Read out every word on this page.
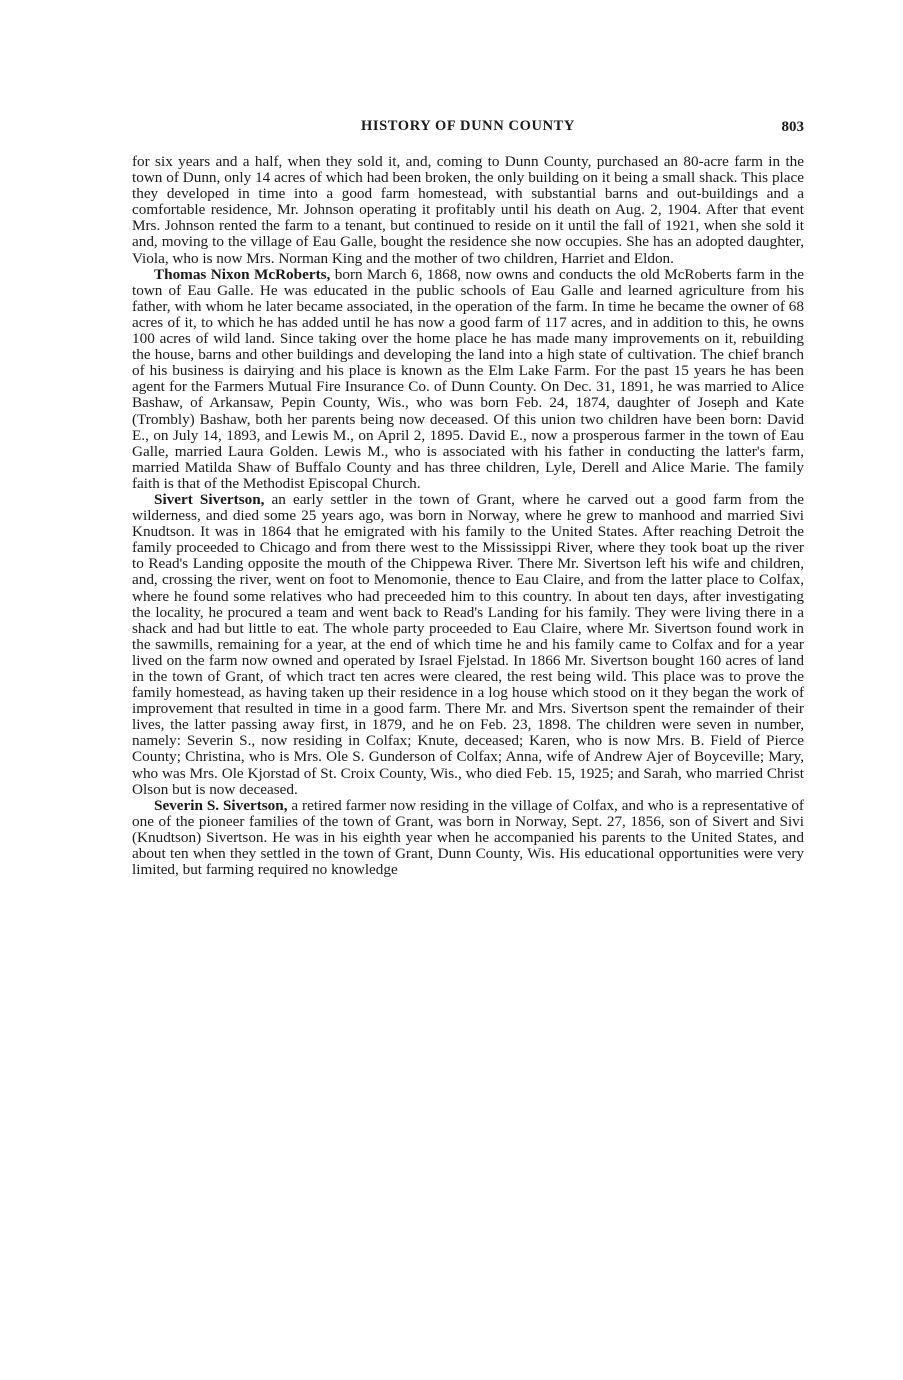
HISTORY OF DUNN COUNTY	803

for six years and a half, when they sold it, and, coming to Dunn County, purchased an 80-acre farm in the town of Dunn, only 14 acres of which had been broken, the only building on it being a small shack. This place they developed in time into a good farm homestead, with substantial barns and out-buildings and a comfortable residence, Mr. Johnson operating it profitably until his death on Aug. 2, 1904. After that event Mrs. Johnson rented the farm to a tenant, but continued to reside on it until the fall of 1921, when she sold it and, moving to the village of Eau Galle, bought the residence she now occupies. She has an adopted daughter, Viola, who is now Mrs. Norman King and the mother of two children, Harriet and Eldon.

Thomas Nixon McRoberts, born March 6, 1868, now owns and conducts the old McRoberts farm in the town of Eau Galle. He was educated in the public schools of Eau Galle and learned agriculture from his father, with whom he later became associated, in the operation of the farm. In time he became the owner of 68 acres of it, to which he has added until he has now a good farm of 117 acres, and in addition to this, he owns 100 acres of wild land. Since taking over the home place he has made many improvements on it, rebuilding the house, barns and other buildings and developing the land into a high state of cultivation. The chief branch of his business is dairying and his place is known as the Elm Lake Farm. For the past 15 years he has been agent for the Farmers Mutual Fire Insurance Co. of Dunn County. On Dec. 31, 1891, he was married to Alice Bashaw, of Arkansaw, Pepin County, Wis., who was born Feb. 24, 1874, daughter of Joseph and Kate (Trombly) Bashaw, both her parents being now deceased. Of this union two children have been born: David E., on July 14, 1893, and Lewis M., on April 2, 1895. David E., now a prosperous farmer in the town of Eau Galle, married Laura Golden. Lewis M., who is associated with his father in conducting the latter's farm, married Matilda Shaw of Buffalo County and has three children, Lyle, Derell and Alice Marie. The family faith is that of the Methodist Episcopal Church.

Sivert Sivertson, an early settler in the town of Grant, where he carved out a good farm from the wilderness, and died some 25 years ago, was born in Norway, where he grew to manhood and married Sivi Knudtson. It was in 1864 that he emigrated with his family to the United States. After reaching Detroit the family proceeded to Chicago and from there west to the Mississippi River, where they took boat up the river to Read's Landing opposite the mouth of the Chippewa River. There Mr. Sivertson left his wife and children, and, crossing the river, went on foot to Menomonie, thence to Eau Claire, and from the latter place to Colfax, where he found some relatives who had preceeded him to this country. In about ten days, after investigating the locality, he procured a team and went back to Read's Landing for his family. They were living there in a shack and had but little to eat. The whole party proceeded to Eau Claire, where Mr. Sivertson found work in the sawmills, remaining for a year, at the end of which time he and his family came to Colfax and for a year lived on the farm now owned and operated by Israel Fjelstad. In 1866 Mr. Sivertson bought 160 acres of land in the town of Grant, of which tract ten acres were cleared, the rest being wild. This place was to prove the family homestead, as having taken up their residence in a log house which stood on it they began the work of improvement that resulted in time in a good farm. There Mr. and Mrs. Sivertson spent the remainder of their lives, the latter passing away first, in 1879, and he on Feb. 23, 1898. The children were seven in number, namely: Severin S., now residing in Colfax; Knute, deceased; Karen, who is now Mrs. B. Field of Pierce County; Christina, who is Mrs. Ole S. Gunderson of Colfax; Anna, wife of Andrew Ajer of Boyceville; Mary, who was Mrs. Ole Kjorstad of St. Croix County, Wis., who died Feb. 15, 1925; and Sarah, who married Christ Olson but is now deceased.

Severin S. Sivertson, a retired farmer now residing in the village of Colfax, and who is a representative of one of the pioneer families of the town of Grant, was born in Norway, Sept. 27, 1856, son of Sivert and Sivi (Knudtson) Sivertson. He was in his eighth year when he accompanied his parents to the United States, and about ten when they settled in the town of Grant, Dunn County, Wis. His educational opportunities were very limited, but farming required no knowledge
